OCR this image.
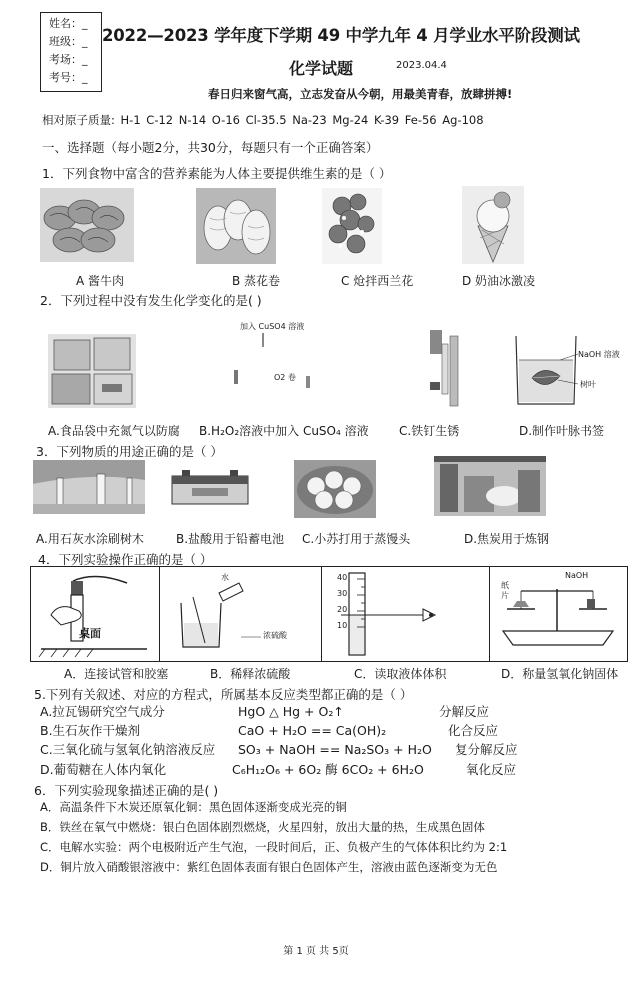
姓名：_
班级：_
考场：_
考号：_
2022—2023 学年度下学期 49 中学九年 4 月学业水平阶段测试
化学试题	2023.04.4
春日归来窗气高，立志发奋从今朝，用最美青春，放肆拼搏!
相对原子质量: H-1 C-12 N-14 O-16 Cl-35.5 Na-23 Mg-24 K-39 Fe-56 Ag-108
一、选择题（每小题2分，共30分，每题只有一个正确答案）
1．下列食物中富含的营养素能为人体主要提供维生素的是（ ）
A 酱牛肉	B 蒸花卷	C 炝拌西兰花	D 奶油冰激凌
2．下列过程中没有发生化学变化的是( )
加入 CuSO4 溶液
O2 卷
NaOH 溶液
树叶
A.食品袋中充氮气以防腐 B.H₂O₂溶液中加入 CuSO₄ 溶液	C.铁钉生锈	D.制作叶脉书签
3．下列物质的用途正确的是（ ）
A.用石灰水涂刷树木	B.盐酸用于铅蓄电池 C.小苏打用于蒸馒头	D.焦炭用于炼钢
4．下列实验操作正确的是（ ）
桌面
水
浓硫酸
40
30
20
10
NaOH
纸片
A．连接试管和胶塞	B．稀释浓硫酸	C．读取液体体积	D．称量氢氧化钠固体
5.下列有关叙述、对应的方程式，所属基本反应类型都正确的是（ ）
A.拉瓦锡研究空气成分	HgO △ Hg + O₂↑	分解反应
B.生石灰作干燥剂	CaO + H₂O == Ca(OH)₂	化合反应
C.三氧化硫与氢氧化钠溶液反应 SO₃ + NaOH == Na₂SO₃ + H₂O 复分解反应
D.葡萄糖在人体内氧化	C₆H₁₂O₆ + 6O₂ 酶 6CO₂ + 6H₂O	氧化反应
6．下列实验现象描述正确的是( )
A．高温条件下木炭还原氧化铜：黑色固体逐渐变成光亮的铜
B．铁丝在氧气中燃烧：银白色固体剧烈燃烧，火星四射，放出大量的热，生成黑色固体
C．电解水实验：两个电极附近产生气泡，一段时间后，正、负极产生的气体体积比约为 2:1
D．铜片放入硝酸银溶液中：紫红色固体表面有银白色固体产生，溶液由蓝色逐渐变为无色
第 1 页 共 5页
